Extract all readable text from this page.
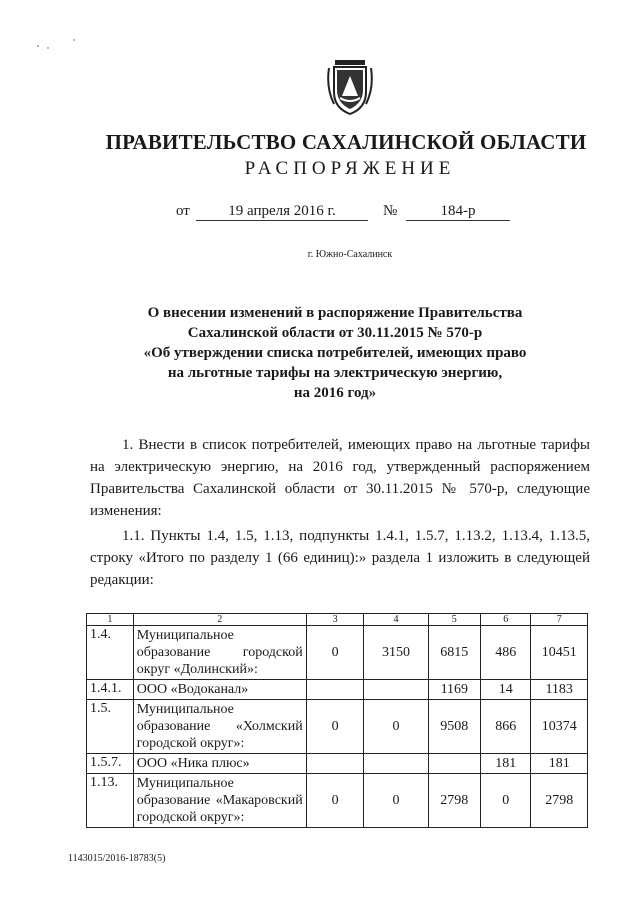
ПРАВИТЕЛЬСТВО САХАЛИНСКОЙ ОБЛАСТИ
РАСПОРЯЖЕНИЕ
от	19 апреля 2016 г.	№	184-р
г. Южно-Сахалинск
О внесении изменений в распоряжение Правительства
Сахалинской области от 30.11.2015 № 570-р
«Об утверждении списка потребителей, имеющих право
на льготные тарифы на электрическую энергию,
на 2016 год»
1. Внести в список потребителей, имеющих право на льготные тарифы на электрическую энергию, на 2016 год, утвержденный распоряжением Правительства Сахалинской области от 30.11.2015 № 570-р, следующие изменения:
1.1. Пункты 1.4, 1.5, 1.13, подпункты 1.4.1, 1.5.7, 1.13.2, 1.13.4, 1.13.5, строку «Итого по разделу 1 (66 единиц):» раздела 1 изложить в следующей редакции:
1	2	3	4	5	6	7
1.4.	Муниципальное образование городской округ «Долинский»:	0	3150	6815	486	10451
1.4.1.	ООО «Водоканал»			1169	14	1183
1.5.	Муниципальное образование «Холмский городской округ»:	0	0	9508	866	10374
1.5.7.	ООО «Ника плюс»				181	181
1.13.	Муниципальное образование «Макаровский городской округ»:	0	0	2798	0	2798
1143015/2016-18783(5)
